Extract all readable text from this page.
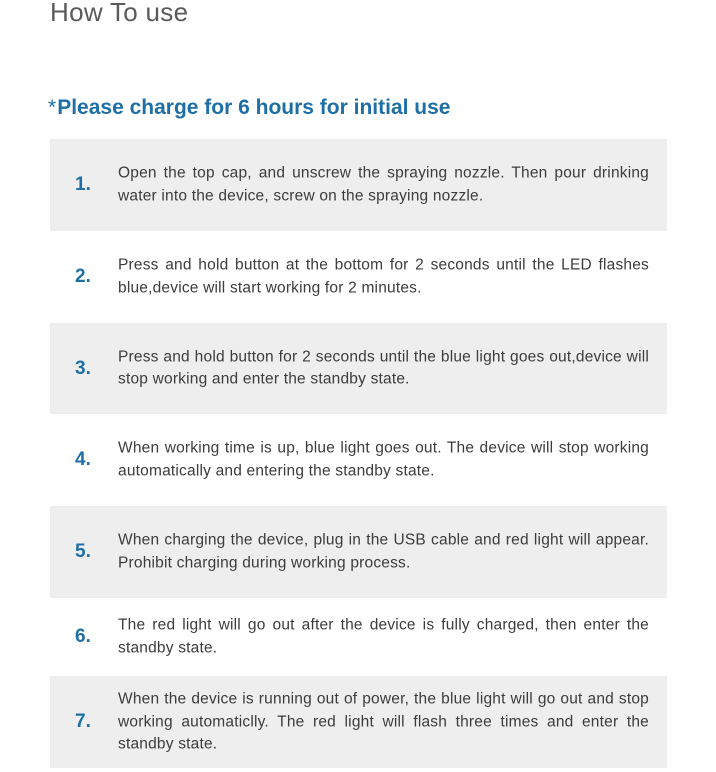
How To use
*Please charge for 6 hours for initial use
1.
Open the top cap, and unscrew the spraying nozzle. Then pour drinking water into the device, screw on the spraying nozzle.
2.
Press and hold button at the bottom for 2 seconds until the LED flashes blue,device will start working for 2 minutes.
3.
Press and hold button for 2 seconds until the blue light goes out,device will stop working and enter the standby state.
4.
When working time is up, blue light goes out. The device will stop working automatically and entering the standby state.
5.
When charging the device, plug in the USB cable and red light will appear. Prohibit charging during working process.
6.
The red light will go out after the device is fully charged, then enter the standby state.
7.
When the device is running out of power, the blue light will go out and stop working automaticlly. The red light will flash three times and enter the standby state.
